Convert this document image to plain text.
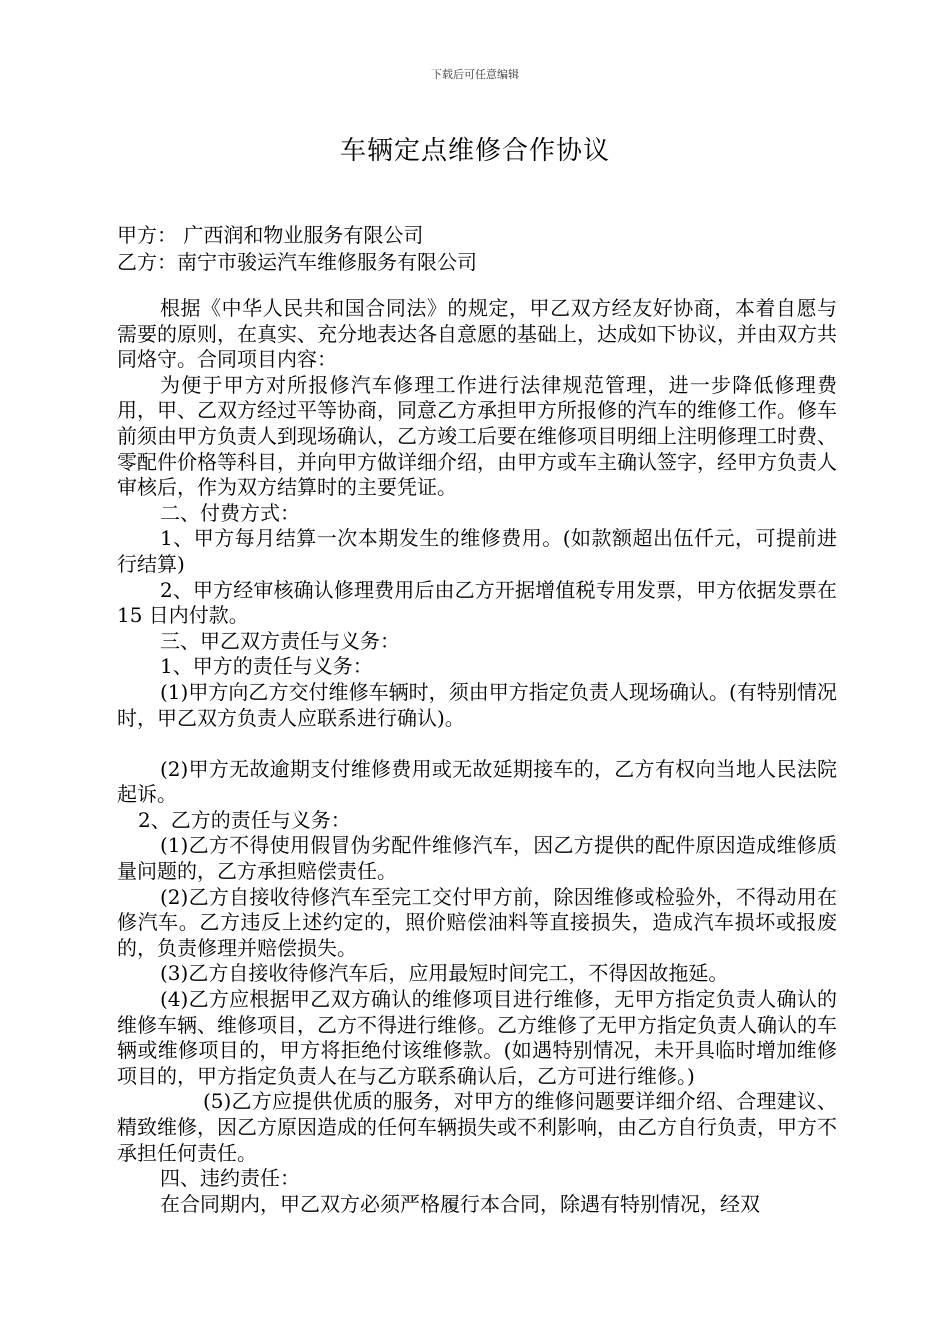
下载后可任意编辑
车辆定点维修合作协议
甲方： 广西润和物业服务有限公司
乙方：南宁市骏运汽车维修服务有限公司

根据《中华人民共和国合同法》的规定，甲乙双方经友好协商，本着自愿与需要的原则，在真实、充分地表达各自意愿的基础上，达成如下协议，并由双方共同烙守。合同项目内容：

为便于甲方对所报修汽车修理工作进行法律规范管理，进一步降低修理费用，甲、乙双方经过平等协商，同意乙方承担甲方所报修的汽车的维修工作。修车前须由甲方负责人到现场确认，乙方竣工后要在维修项目明细上注明修理工时费、零配件价格等科目，并向甲方做详细介绍，由甲方或车主确认签字，经甲方负责人审核后，作为双方结算时的主要凭证。

二、付费方式：

1、甲方每月结算一次本期发生的维修费用。(如款额超出伍仟元，可提前进行结算)

2、甲方经审核确认修理费用后由乙方开据增值税专用发票，甲方依据发票在 15 日内付款。

三、甲乙双方责任与义务：

1、甲方的责任与义务：

(1)甲方向乙方交付维修车辆时，须由甲方指定负责人现场确认。(有特别情况时，甲乙双方负责人应联系进行确认)。

(2)甲方无故逾期支付维修费用或无故延期接车的，乙方有权向当地人民法院起诉。

2、乙方的责任与义务：

(1)乙方不得使用假冒伪劣配件维修汽车，因乙方提供的配件原因造成维修质量问题的，乙方承担赔偿责任。

(2)乙方自接收待修汽车至完工交付甲方前，除因维修或检验外，不得动用在修汽车。乙方违反上述约定的，照价赔偿油料等直接损失，造成汽车损坏或报废的，负责修理并赔偿损失。

(3)乙方自接收待修汽车后，应用最短时间完工，不得因故拖延。

(4)乙方应根据甲乙双方确认的维修项目进行维修，无甲方指定负责人确认的维修车辆、维修项目，乙方不得进行维修。乙方维修了无甲方指定负责人确认的车辆或维修项目的，甲方将拒绝付该维修款。(如遇特别情况，未开具临时增加维修项目的，甲方指定负责人在与乙方联系确认后，乙方可进行维修。)

(5)乙方应提供优质的服务，对甲方的维修问题要详细介绍、合理建议、精致维修，因乙方原因造成的任何车辆损失或不利影响，由乙方自行负责，甲方不承担任何责任。

四、违约责任：

在合同期内，甲乙双方必须严格履行本合同，除遇有特别情况，经双
